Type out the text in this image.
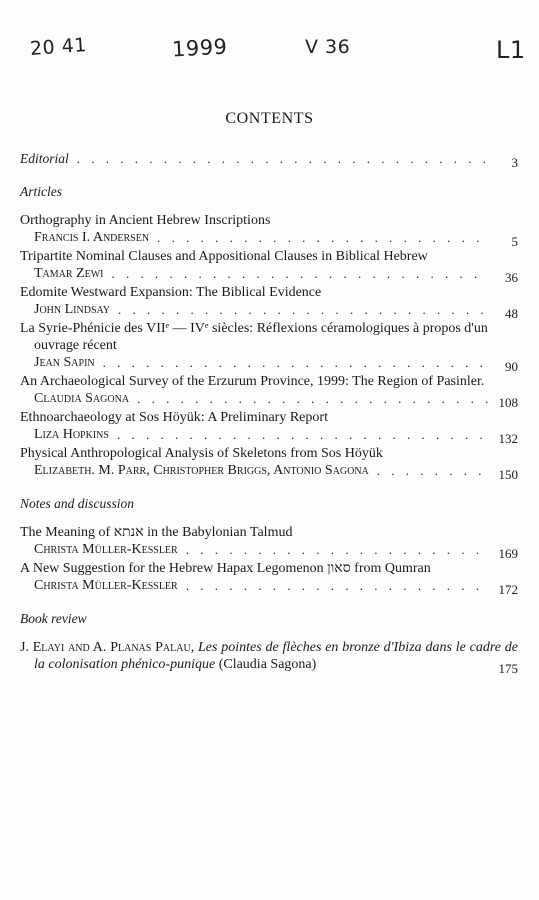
20 41	1999	V 36	L1
CONTENTS
Editorial . . .	3
Articles

Orthography in Ancient Hebrew Inscriptions

Francis I. Andersen . . .	5

Tripartite Nominal Clauses and Appositional Clauses in Biblical Hebrew

Tamar Zewi . . .	36

Edomite Westward Expansion: The Biblical Evidence

John Lindsay . . .	48

La Syrie-Phénicie des VIIᵉ — IVᵉ siècles: Réflexions céramologiques à propos d'un ouvrage récent

Jean Sapin . . .	90

An Archaeological Survey of the Erzurum Province, 1999: The Region of Pasinler.

Claudia Sagona . . .	108

Ethnoarchaeology at Sos Höyük: A Preliminary Report

Liza Hopkins . . .	132

Physical Anthropological Analysis of Skeletons from Sos Höyük

Elizabeth. M. Parr, Christopher Briggs, Antonio Sagona . . .	150
Notes and discussion

The Meaning of אנתא in the Babylonian Talmud

Christa Müller-Kessler . . .	169

A New Suggestion for the Hebrew Hapax Legomenon סאון from Qumran

Christa Müller-Kessler . . .	172
Book review

J. Elayi and A. Planas Palau, Les pointes de flèches en bronze d'Ibiza dans le cadre de la colonisation phénico-punique (Claudia Sagona)	175
